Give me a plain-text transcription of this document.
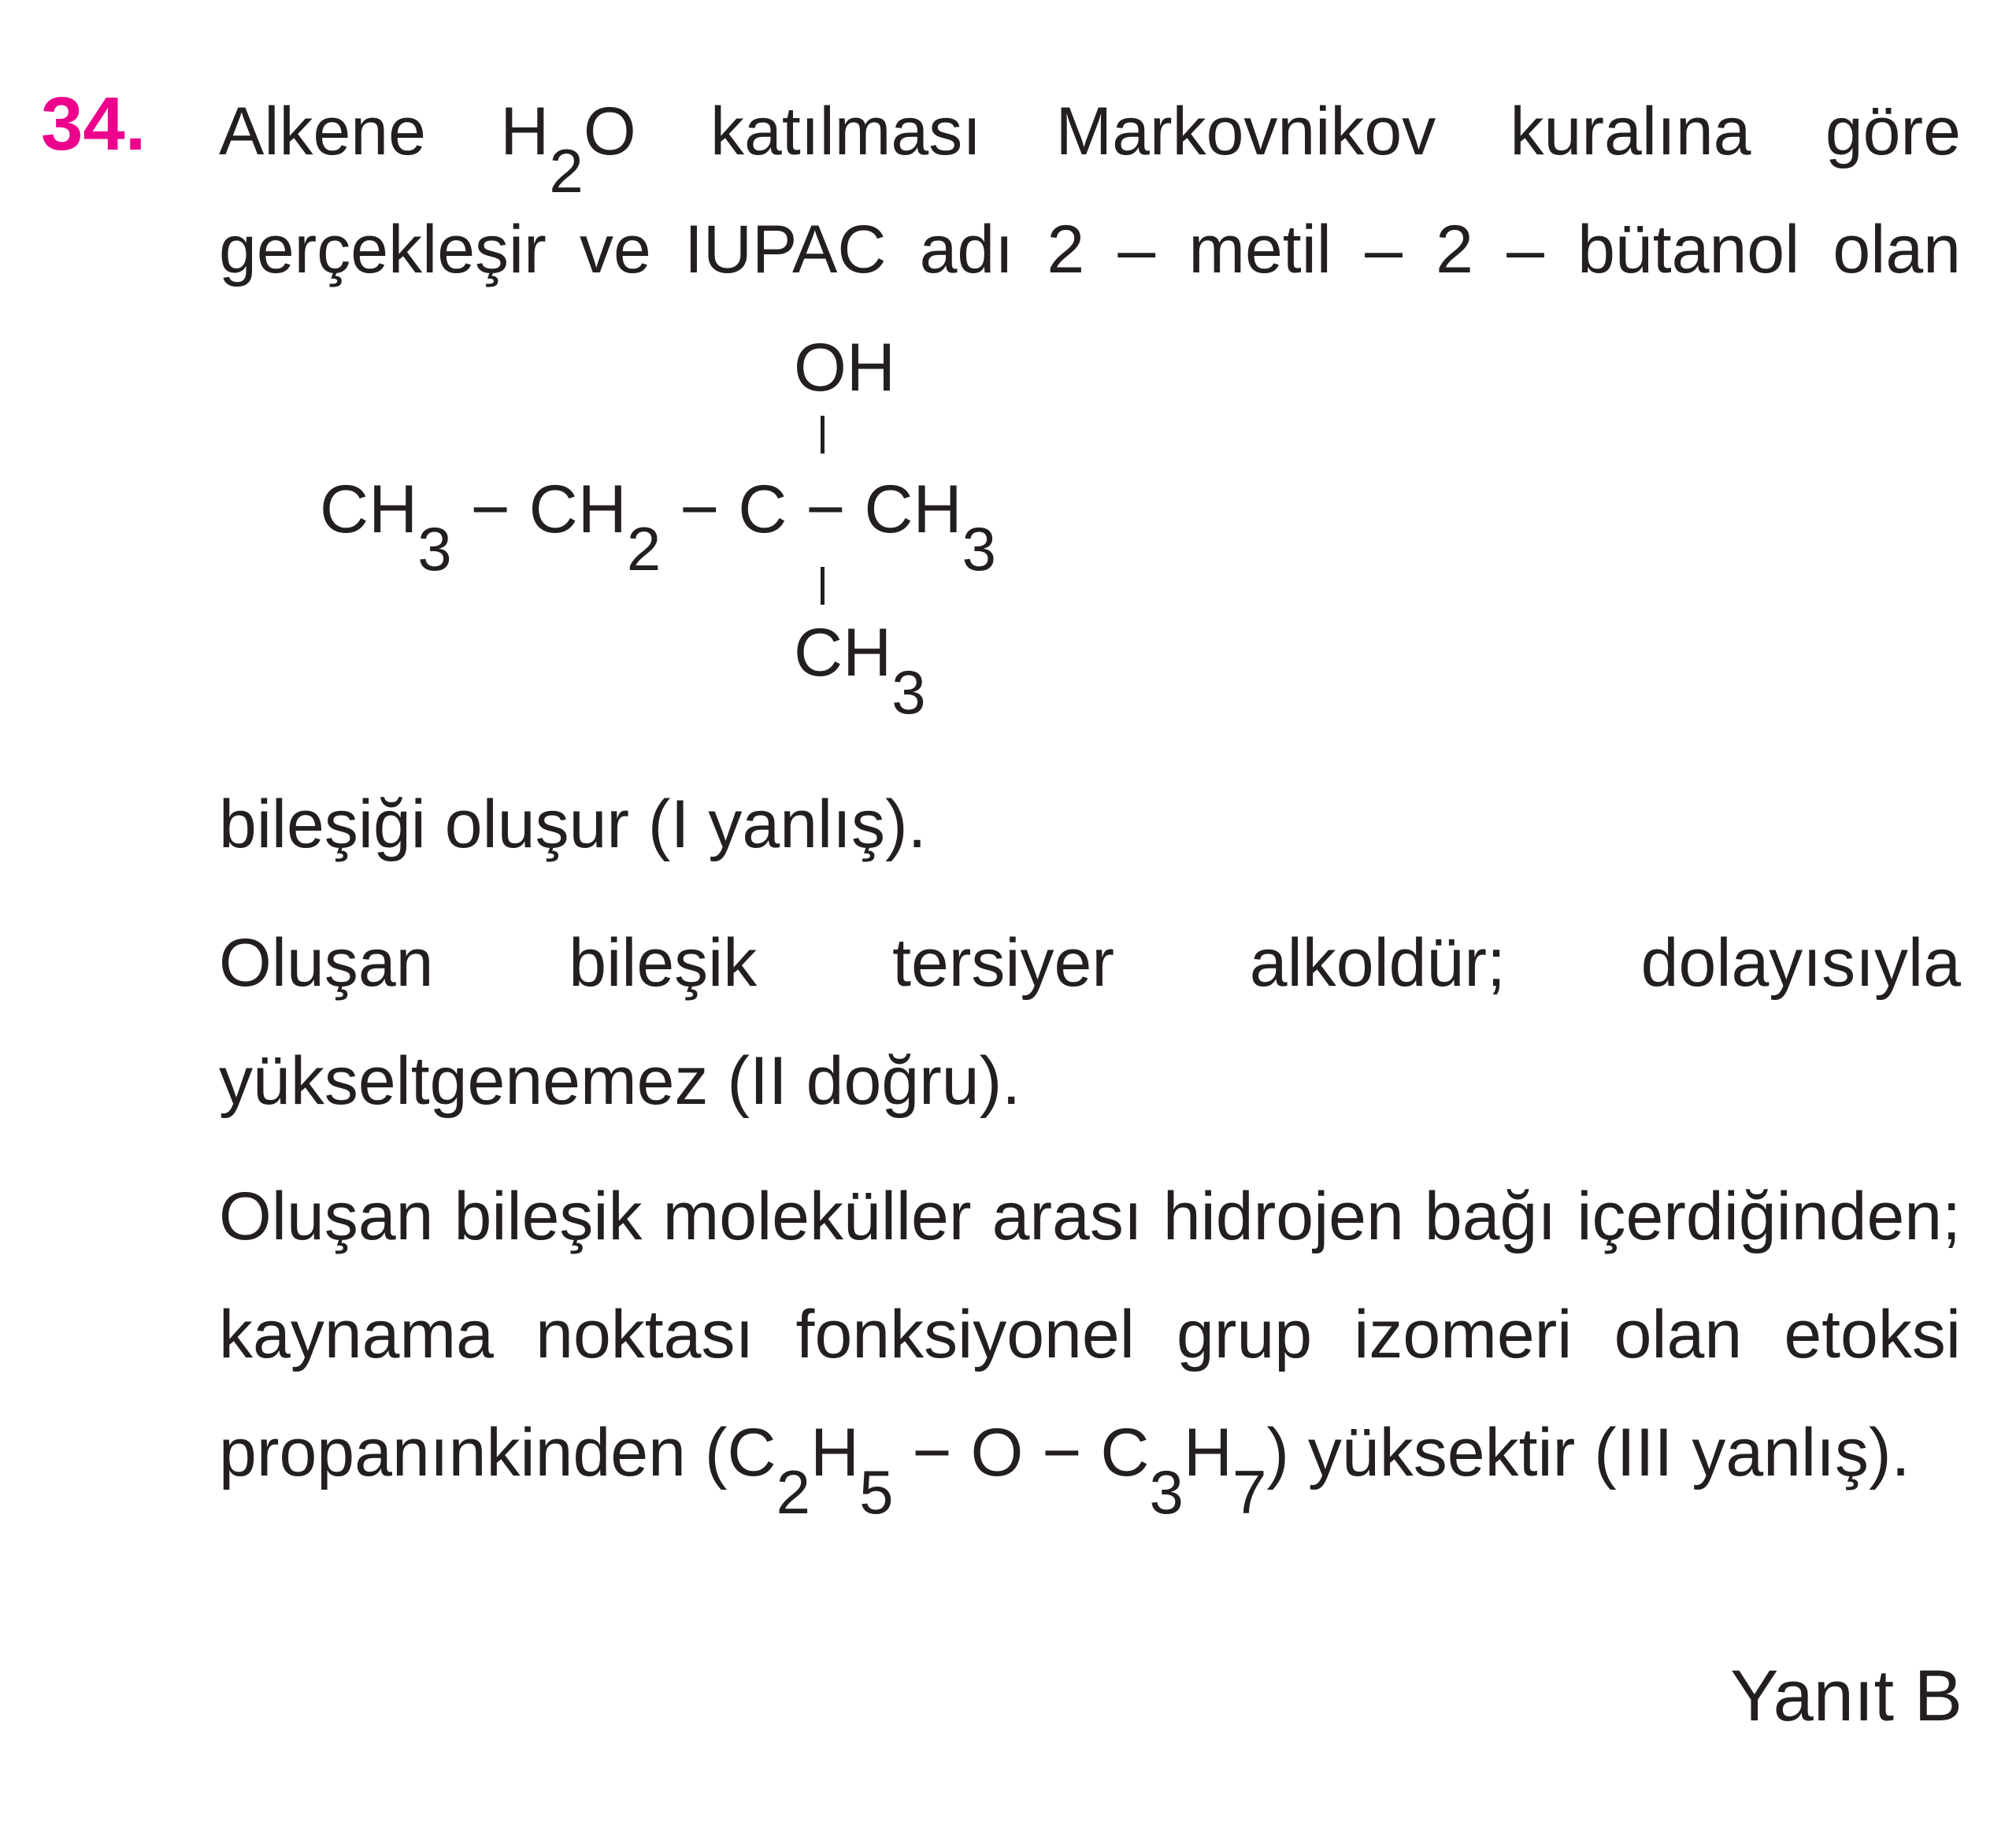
34. Alkene H2O katılması Markovnikov kuralına göre gerçekleşir ve IUPAC adı 2 – metil – 2 – bütanol olan
OH
CH3 − CH2 − C − CH3
CH3
bileşiği oluşur (I yanlış).
Oluşan bileşik tersiyer alkoldür; dolayısıyla yükseltgenemez (II doğru).
Oluşan bileşik moleküller arası hidrojen bağı içerdiğinden; kaynama noktası fonksiyonel grup izomeri olan etoksi propanınkinden (C2H5 − O − C3H7) yüksektir (III yanlış).
Yanıt B
